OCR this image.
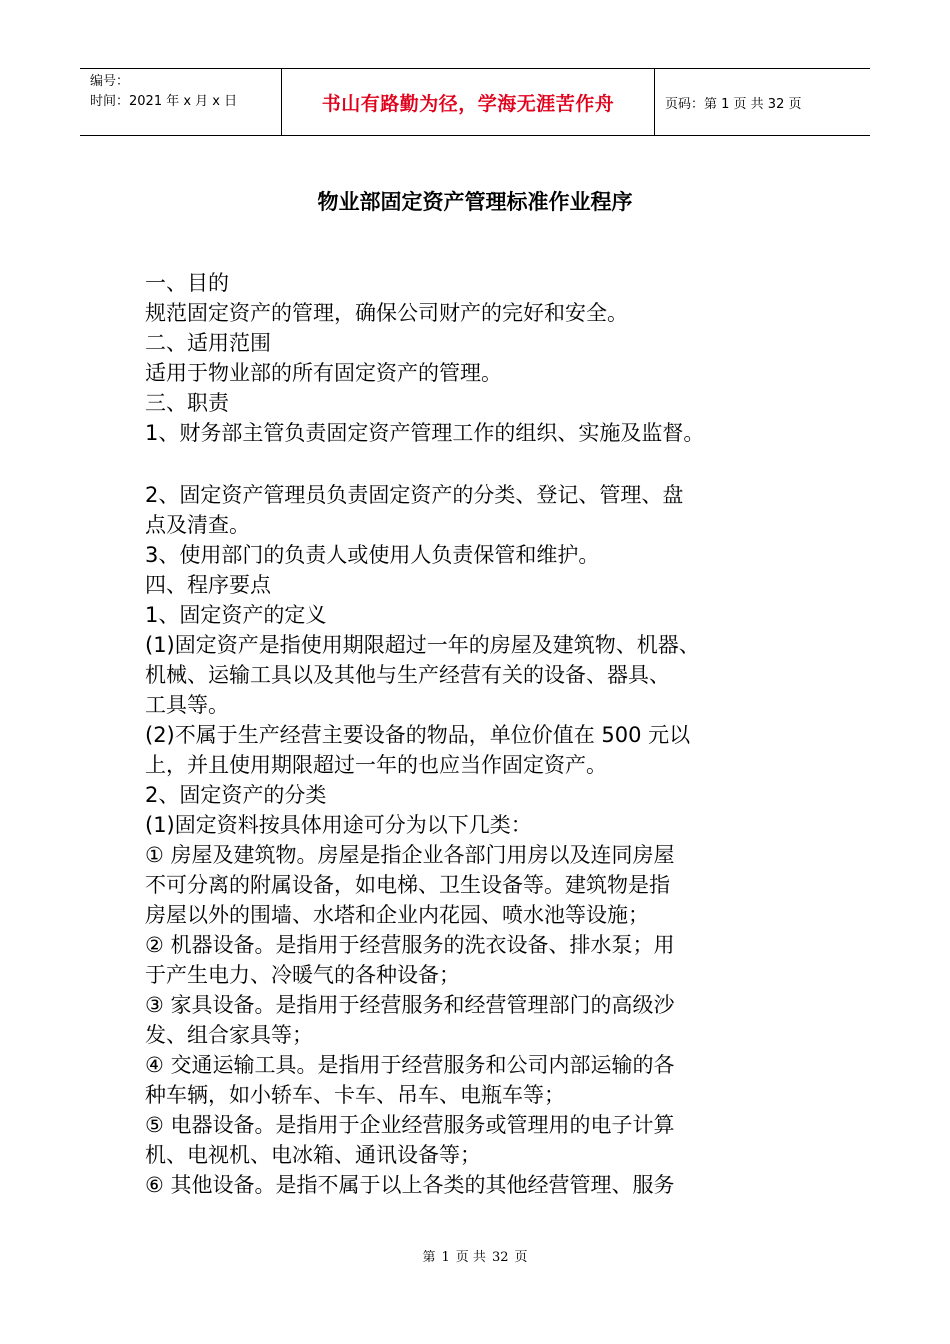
编号：
时间：2021 年 x 月 x 日	书山有路勤为径，学海无涯苦作舟	页码：第 1 页 共 32 页
物业部固定资产管理标准作业程序
一、目的
规范固定资产的管理，确保公司财产的完好和安全。
二、适用范围
适用于物业部的所有固定资产的管理。
三、职责
1、财务部主管负责固定资产管理工作的组织、实施及监督。
2、固定资产管理员负责固定资产的分类、登记、管理、盘
点及清查。
3、使用部门的负责人或使用人负责保管和维护。
四、程序要点
1、固定资产的定义
(1)固定资产是指使用期限超过一年的房屋及建筑物、机器、
机械、运输工具以及其他与生产经营有关的设备、器具、
工具等。
(2)不属于生产经营主要设备的物品，单位价值在 500 元以
上，并且使用期限超过一年的也应当作固定资产。
2、固定资产的分类
(1)固定资料按具体用途可分为以下几类：
① 房屋及建筑物。房屋是指企业各部门用房以及连同房屋
不可分离的附属设备，如电梯、卫生设备等。建筑物是指
房屋以外的围墙、水塔和企业内花园、喷水池等设施；
② 机器设备。是指用于经营服务的洗衣设备、排水泵；用
于产生电力、冷暖气的各种设备；
③ 家具设备。是指用于经营服务和经营管理部门的高级沙
发、组合家具等；
④ 交通运输工具。是指用于经营服务和公司内部运输的各
种车辆，如小轿车、卡车、吊车、电瓶车等；
⑤ 电器设备。是指用于企业经营服务或管理用的电子计算
机、电视机、电冰箱、通讯设备等；
⑥ 其他设备。是指不属于以上各类的其他经营管理、服务
第 1 页 共 32 页
